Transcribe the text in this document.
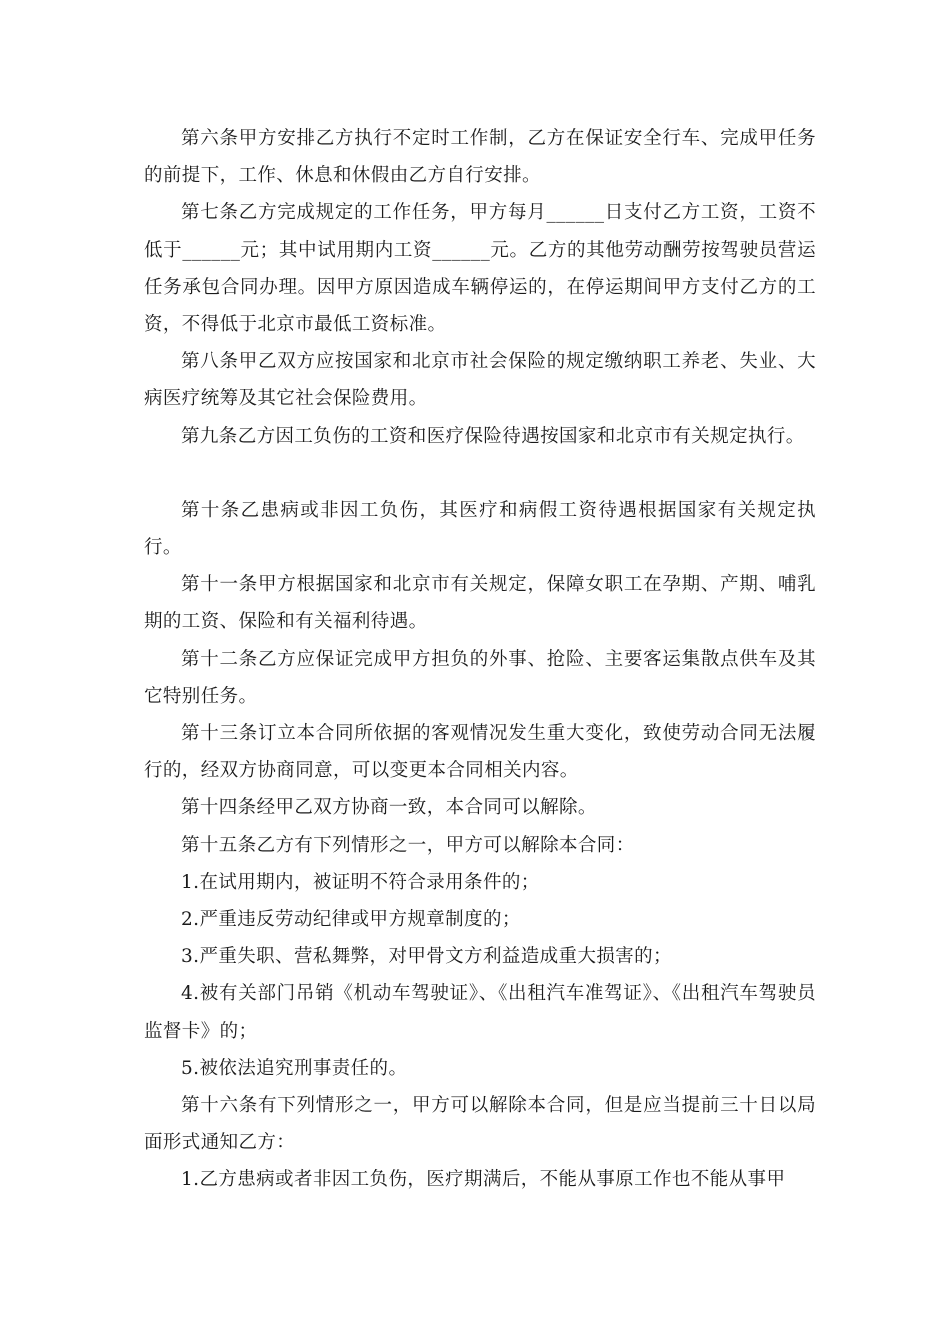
第六条甲方安排乙方执行不定时工作制，乙方在保证安全行车、完成甲任务的前提下，工作、休息和休假由乙方自行安排。

第七条乙方完成规定的工作任务，甲方每月______日支付乙方工资，工资不低于______元；其中试用期内工资______元。乙方的其他劳动酬劳按驾驶员营运任务承包合同办理。因甲方原因造成车辆停运的，在停运期间甲方支付乙方的工资，不得低于北京市最低工资标准。

第八条甲乙双方应按国家和北京市社会保险的规定缴纳职工养老、失业、大病医疗统筹及其它社会保险费用。

第九条乙方因工负伤的工资和医疗保险待遇按国家和北京市有关规定执行。

第十条乙患病或非因工负伤，其医疗和病假工资待遇根据国家有关规定执行。

第十一条甲方根据国家和北京市有关规定，保障女职工在孕期、产期、哺乳期的工资、保险和有关福利待遇。

第十二条乙方应保证完成甲方担负的外事、抢险、主要客运集散点供车及其它特别任务。

第十三条订立本合同所依据的客观情况发生重大变化，致使劳动合同无法履行的，经双方协商同意，可以变更本合同相关内容。

第十四条经甲乙双方协商一致，本合同可以解除。

第十五条乙方有下列情形之一，甲方可以解除本合同：

1.在试用期内，被证明不符合录用条件的；

2.严重违反劳动纪律或甲方规章制度的；

3.严重失职、营私舞弊，对甲骨文方利益造成重大损害的；

4.被有关部门吊销《机动车驾驶证》、《出租汽车准驾证》、《出租汽车驾驶员监督卡》的；

5.被依法追究刑事责任的。

第十六条有下列情形之一，甲方可以解除本合同，但是应当提前三十日以局面形式通知乙方：

1.乙方患病或者非因工负伤，医疗期满后，不能从事原工作也不能从事甲
